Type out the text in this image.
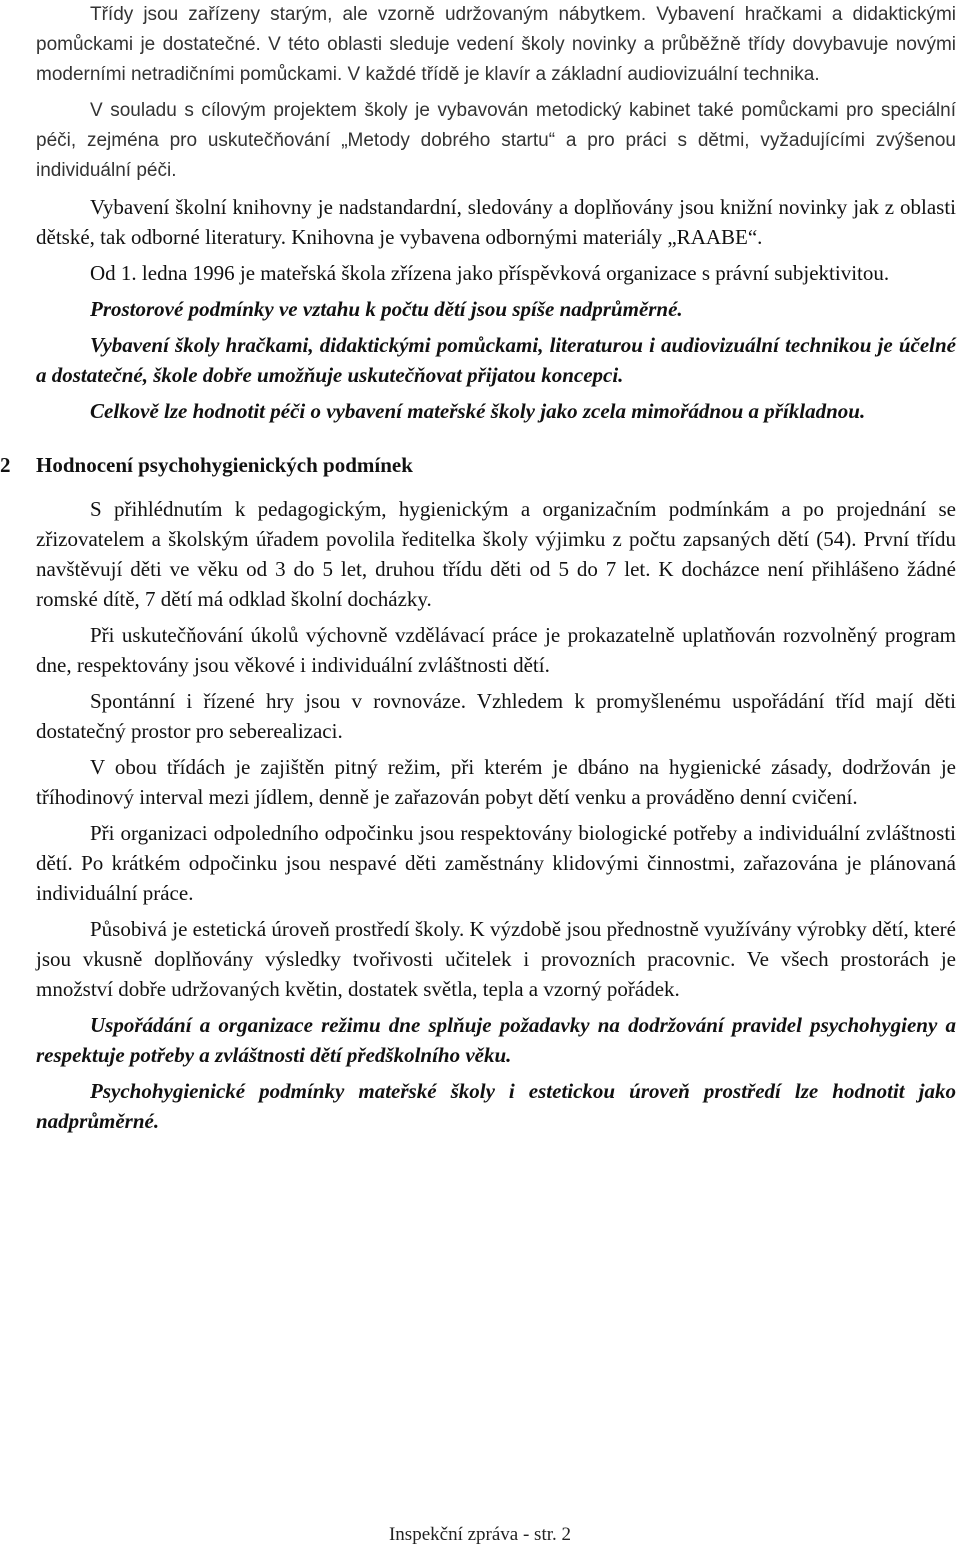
Třídy jsou zařízeny starým, ale vzorně udržovaným nábytkem. Vybavení hračkami a didaktickými pomůckami je dostatečné. V této oblasti sleduje vedení školy novinky a průběžně třídy dovybavuje novými moderními netradičními pomůckami. V každé třídě je klavír a základní audiovizuální technika.

V souladu s cílovým projektem školy je vybavován metodický kabinet také pomůckami pro speciální péči, zejména pro uskutečňování „Metody dobrého startu“ a pro práci s dětmi, vyžadujícími zvýšenou individuální péči.

Vybavení školní knihovny je nadstandardní, sledovány a doplňovány jsou knižní novinky jak z oblasti dětské, tak odborné literatury. Knihovna je vybavena odbornými materiály „RAABE“.

Od 1. ledna 1996 je mateřská škola zřízena jako příspěvková organizace s právní subjektivitou.

Prostorové podmínky ve vztahu k počtu dětí jsou spíše nadprůměrné.

Vybavení školy hračkami, didaktickými pomůckami, literaturou i audiovizuální technikou je účelné a dostatečné, škole dobře umožňuje uskutečňovat přijatou koncepci.

Celkově lze hodnotit péči o vybavení mateřské školy jako zcela mimořádnou a příkladnou.

2 Hodnocení psychohygienických podmínek

S přihlédnutím k pedagogickým, hygienickým a organizačním podmínkám a po projednání se zřizovatelem a školským úřadem povolila ředitelka školy výjimku z počtu zapsaných dětí (54). První třídu navštěvují děti ve věku od 3 do 5 let, druhou třídu děti od 5 do 7 let. K docházce není přihlášeno žádné romské dítě, 7 dětí má odklad školní docházky.

Při uskutečňování úkolů výchovně vzdělávací práce je prokazatelně uplatňován rozvolněný program dne, respektovány jsou věkové i individuální zvláštnosti dětí.

Spontánní i řízené hry jsou v rovnováze. Vzhledem k promyšlenému uspořádání tříd mají děti dostatečný prostor pro seberealizaci.

V obou třídách je zajištěn pitný režim, při kterém je dbáno na hygienické zásady, dodržován je tříhodinový interval mezi jídlem, denně je zařazován pobyt dětí venku a prováděno denní cvičení.

Při organizaci odpoledního odpočinku jsou respektovány biologické potřeby a individuální zvláštnosti dětí. Po krátkém odpočinku jsou nespavé děti zaměstnány klidovými činnostmi, zařazována je plánovaná individuální práce.

Působivá je estetická úroveň prostředí školy. K výzdobě jsou přednostně využívány výrobky dětí, které jsou vkusně doplňovány výsledky tvořivosti učitelek i provozních pracovnic. Ve všech prostorách je množství dobře udržovaných květin, dostatek světla, tepla a vzorný pořádek.

Uspořádání a organizace režimu dne splňuje požadavky na dodržování pravidel psychohygieny a respektuje potřeby a zvláštnosti dětí předškolního věku.

Psychohygienické podmínky mateřské školy i estetickou úroveň prostředí lze hodnotit jako nadprůměrné.

Inspekční zpráva - str. 2
